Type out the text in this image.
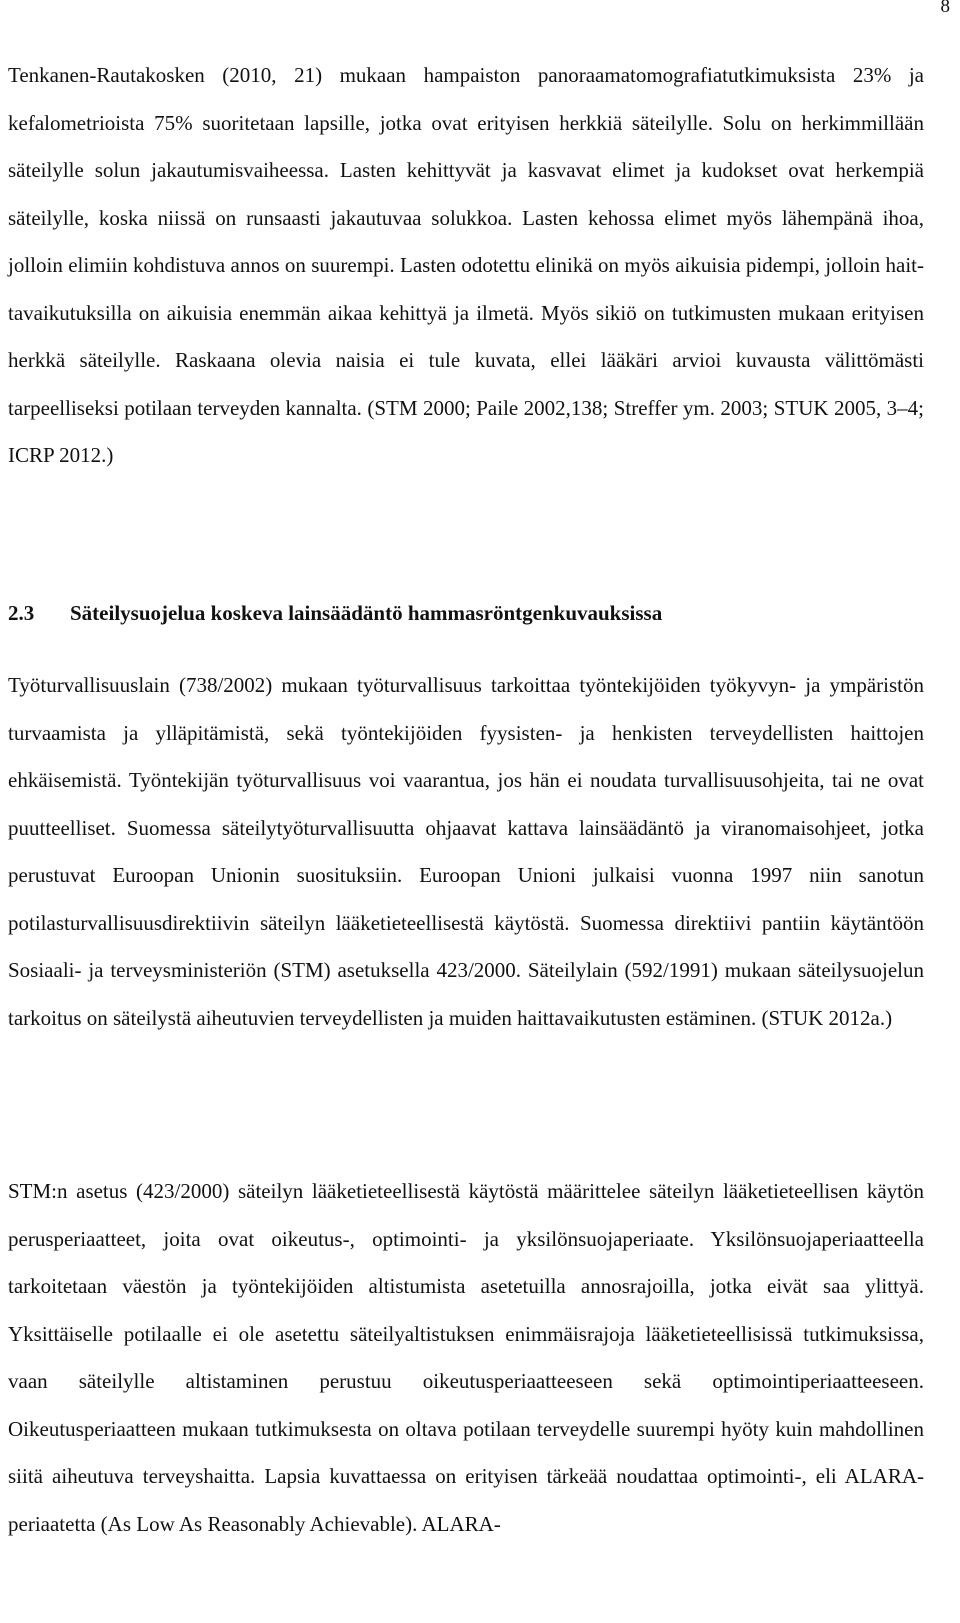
8

Tenkanen-Rautakosken (2010, 21) mukaan hampaiston panoraamatomografiatutkimuksista 23% ja kefalometrioista 75% suoritetaan lapsille, jotka ovat erityisen herkkiä säteilylle. Solu on herkimmillään säteilylle solun jakautumisvaiheessa. Lasten kehittyvät ja kasvavat elimet ja kudokset ovat herkempiä säteilylle, koska niissä on runsaasti jakautuvaa solukkoa. Lasten kehossa elimet myös lähempänä ihoa, jolloin elimiin kohdistuva annos on suurempi. Lasten odotettu elinikä on myös aikuisia pidempi, jolloin haittavaikutuksilla on aikuisia enemmän aikaa kehittyä ja ilmetä. Myös sikiö on tutkimusten mukaan erityisen herkkä säteilylle. Raskaana olevia naisia ei tule kuvata, ellei lääkäri arvioi kuvausta välittömästi tarpeelliseksi potilaan terveyden kannalta. (STM 2000; Paile 2002,138; Streffer ym. 2003; STUK 2005, 3–4; ICRP 2012.)

2.3 Säteilysuojelua koskeva lainsäädäntö hammasröntgenkuvauksissa

Työturvallisuuslain (738/2002) mukaan työturvallisuus tarkoittaa työntekijöiden työkyvyn- ja ympäristön turvaamista ja ylläpitämistä, sekä työntekijöiden fyysisten- ja henkisten terveydellisten haittojen ehkäisemistä. Työntekijän työturvallisuus voi vaarantua, jos hän ei noudata turvallisuusohjeita, tai ne ovat puutteelliset. Suomessa säteilytyöturvallisuutta ohjaavat kattava lainsäädäntö ja viranomaisohjeet, jotka perustuvat Euroopan Unionin suosituksiin. Euroopan Unioni julkaisi vuonna 1997 niin sanotun potilasturvallisuusdirektiivin säteilyn lääketieteellisestä käytöstä. Suomessa direktiivi pantiin käytäntöön Sosiaali- ja terveysministeriön (STM) asetuksella 423/2000. Säteilylain (592/1991) mukaan säteilysuojelun tarkoitus on säteilystä aiheutuvien terveydellisten ja muiden haittavaikutusten estäminen. (STUK 2012a.)

STM:n asetus (423/2000) säteilyn lääketieteellisestä käytöstä määrittelee säteilyn lääketieteellisen käytön perusperiaatteet, joita ovat oikeutus-, optimointi- ja yksilönsuojaperiaate. Yksilönsuojaperiaatteella tarkoitetaan väestön ja työntekijöiden altistumista asetetuilla annosrajoilla, jotka eivät saa ylittyä. Yksittäiselle potilaalle ei ole asetettu säteilyaltistuksen enimmäisrajoja lääketieteellisissä tutkimuksissa, vaan säteilylle altistaminen perustuu oikeutusperiaatteeseen sekä optimointiperiaatteeseen. Oikeutusperiaatteen mukaan tutkimuksesta on oltava potilaan terveydelle suurempi hyöty kuin mahdollinen siitä aiheutuva terveyshaitta. Lapsia kuvattaessa on erityisen tärkeää noudattaa optimointi-, eli ALARA-periaatetta (As Low As Reasonably Achievable). ALARA-
